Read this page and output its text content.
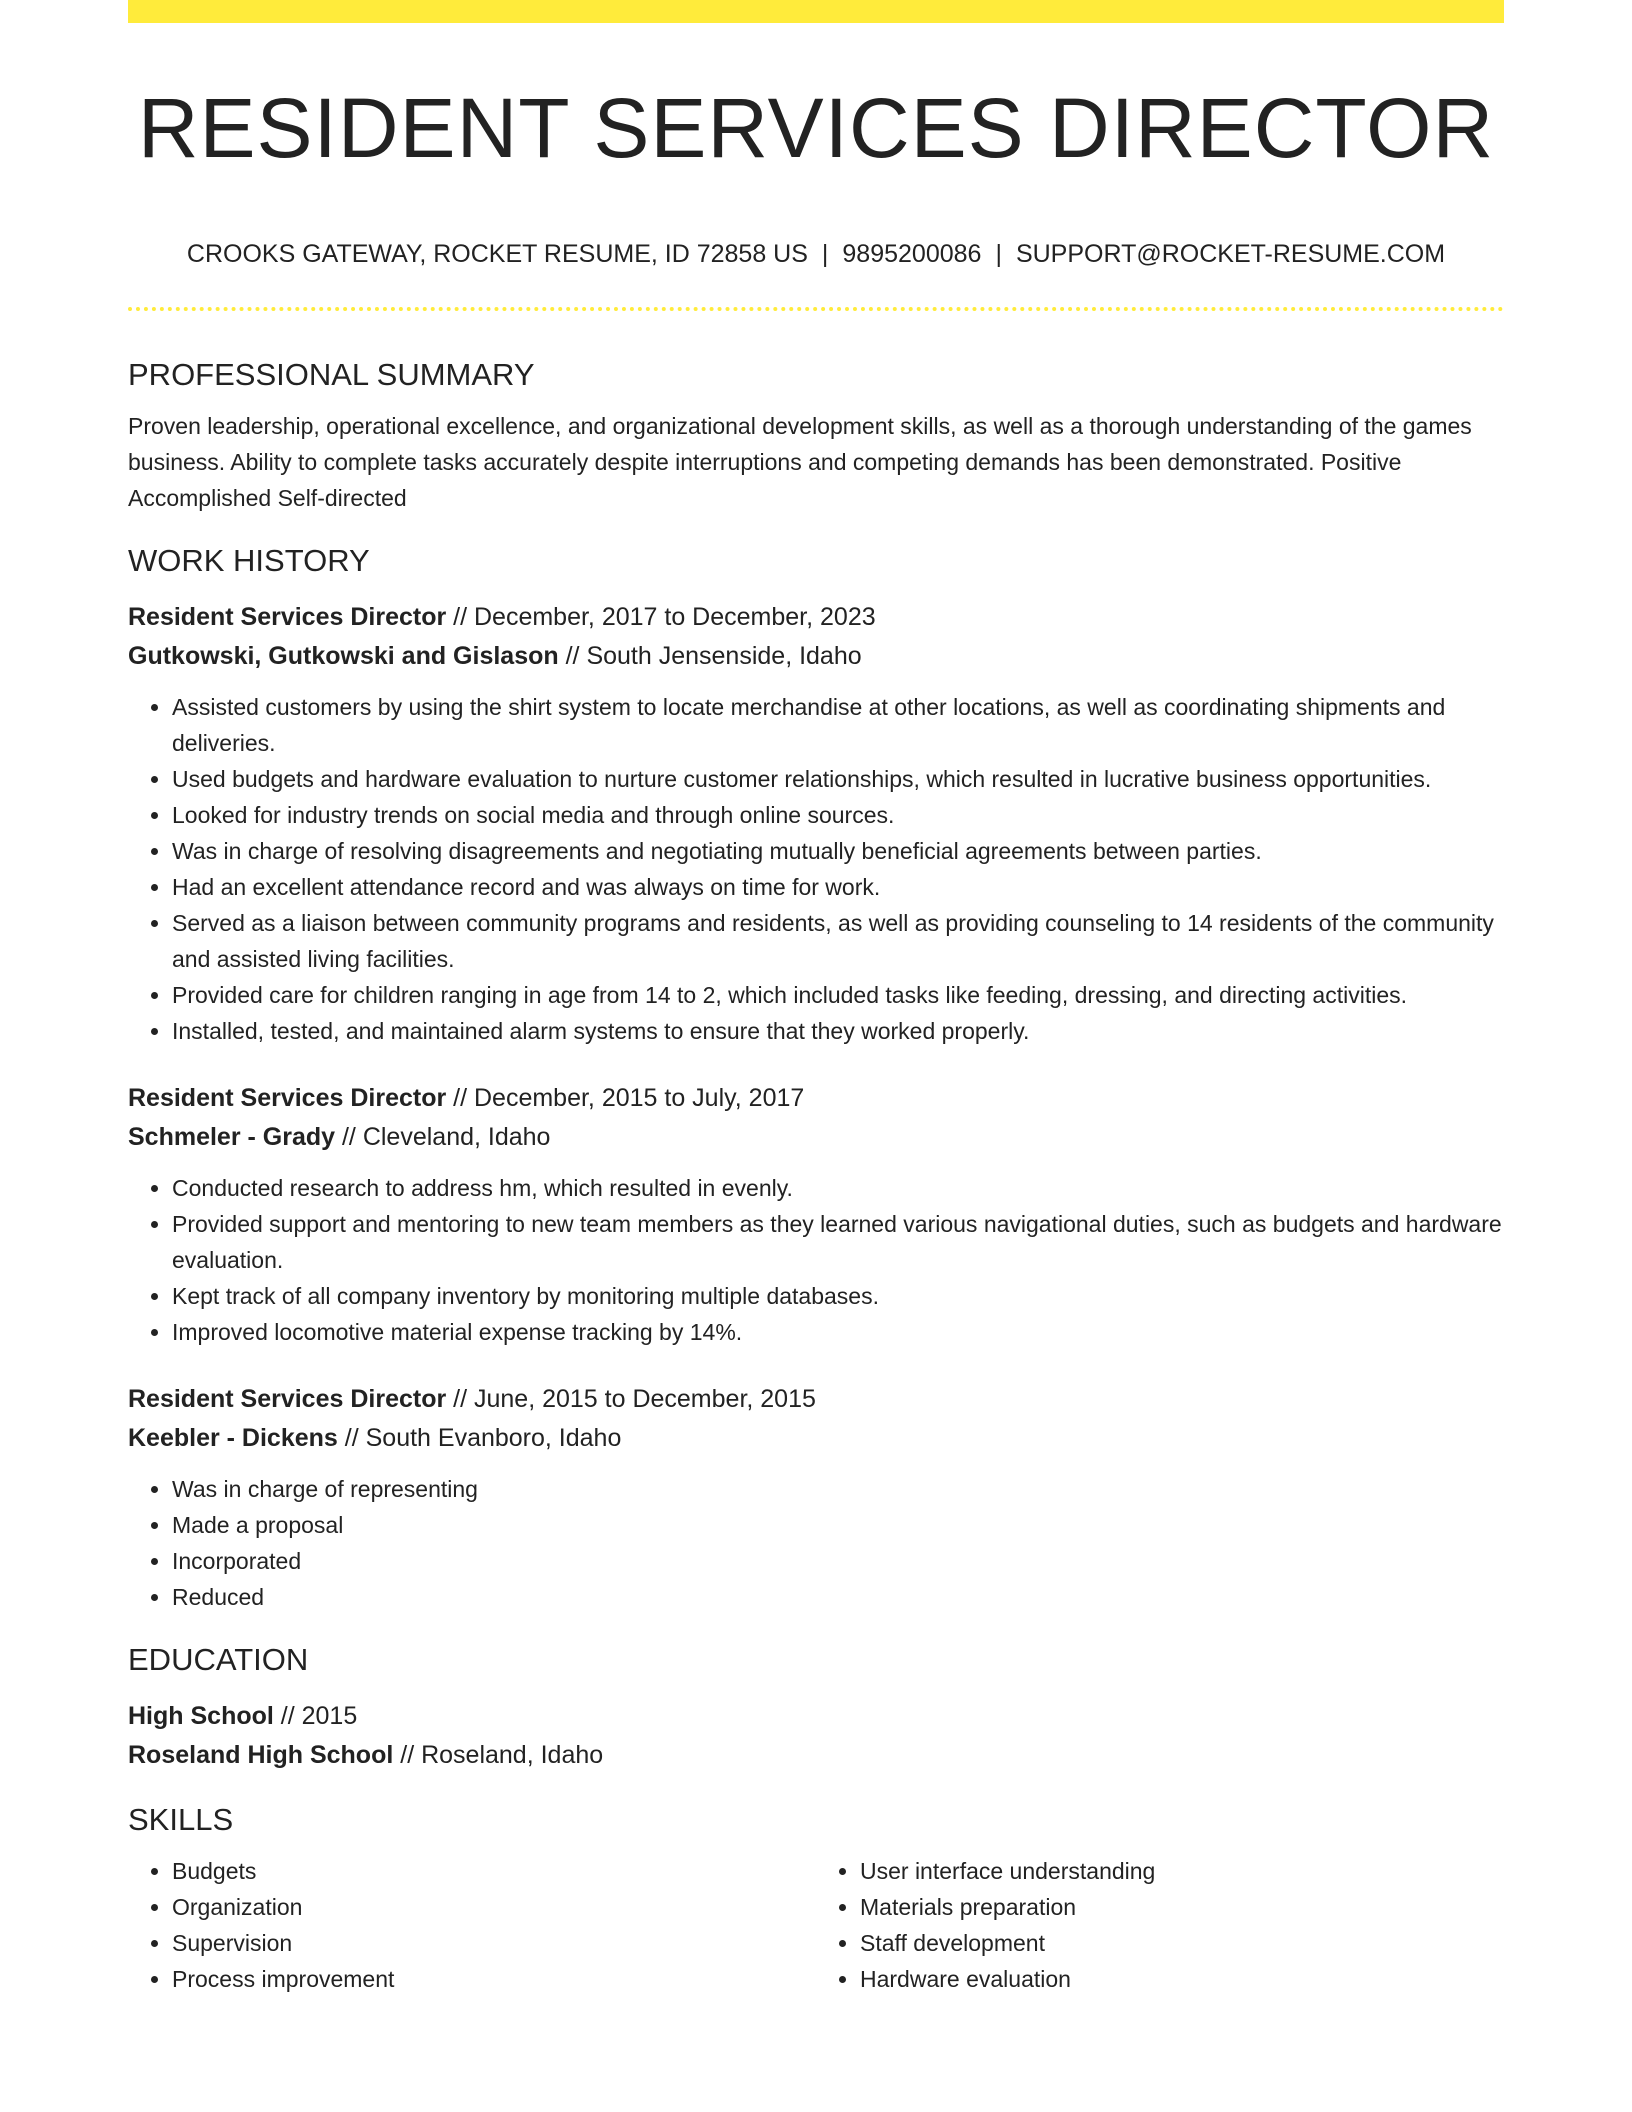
RESIDENT SERVICES DIRECTOR
CROOKS GATEWAY, ROCKET RESUME, ID 72858 US | 9895200086 | SUPPORT@ROCKET-RESUME.COM
PROFESSIONAL SUMMARY

Proven leadership, operational excellence, and organizational development skills, as well as a thorough understanding of the games business. Ability to complete tasks accurately despite interruptions and competing demands has been demonstrated. Positive Accomplished Self-directed

WORK HISTORY
Resident Services Director // December, 2017 to December, 2023
Gutkowski, Gutkowski and Gislason // South Jensenside, Idaho
• Assisted customers by using the shirt system to locate merchandise at other locations, as well as coordinating shipments and deliveries.
• Used budgets and hardware evaluation to nurture customer relationships, which resulted in lucrative business opportunities.
• Looked for industry trends on social media and through online sources.
• Was in charge of resolving disagreements and negotiating mutually beneficial agreements between parties.
• Had an excellent attendance record and was always on time for work.
• Served as a liaison between community programs and residents, as well as providing counseling to 14 residents of the community and assisted living facilities.
• Provided care for children ranging in age from 14 to 2, which included tasks like feeding, dressing, and directing activities.
• Installed, tested, and maintained alarm systems to ensure that they worked properly.
Resident Services Director // December, 2015 to July, 2017
Schmeler - Grady // Cleveland, Idaho
• Conducted research to address hm, which resulted in evenly.
• Provided support and mentoring to new team members as they learned various navigational duties, such as budgets and hardware evaluation.
• Kept track of all company inventory by monitoring multiple databases.
• Improved locomotive material expense tracking by 14%.
Resident Services Director // June, 2015 to December, 2015
Keebler - Dickens // South Evanboro, Idaho
• Was in charge of representing
• Made a proposal
• Incorporated
• Reduced
EDUCATION
High School // 2015
Roseland High School // Roseland, Idaho
SKILLS
• Budgets
• Organization
• Supervision
• Process improvement
• User interface understanding
• Materials preparation
• Staff development
• Hardware evaluation
